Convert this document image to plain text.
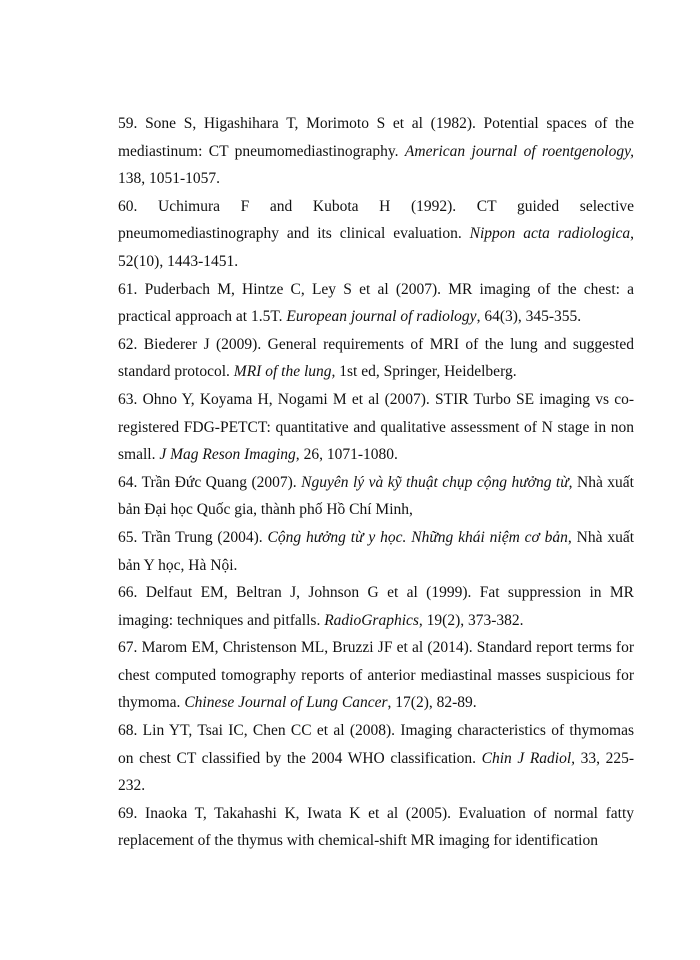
59. Sone S, Higashihara T, Morimoto S et al (1982). Potential spaces of the mediastinum: CT pneumomediastinography. American journal of roentgenology, 138, 1051-1057.

60. Uchimura F and Kubota H (1992). CT guided selective pneumomediastinography and its clinical evaluation. Nippon acta radiologica, 52(10), 1443-1451.

61. Puderbach M, Hintze C, Ley S et al (2007). MR imaging of the chest: a practical approach at 1.5T. European journal of radiology, 64(3), 345-355.

62. Biederer J (2009). General requirements of MRI of the lung and suggested standard protocol. MRI of the lung, 1st ed, Springer, Heidelberg.

63. Ohno Y, Koyama H, Nogami M et al (2007). STIR Turbo SE imaging vs co-registered FDG-PETCT: quantitative and qualitative assessment of N stage in non small. J Mag Reson Imaging, 26, 1071-1080.

64. Trần Đức Quang (2007). Nguyên lý và kỹ thuật chụp cộng hưởng từ, Nhà xuất bản Đại học Quốc gia, thành phố Hồ Chí Minh,

65. Trần Trung (2004). Cộng hưởng từ y học. Những khái niệm cơ bản, Nhà xuất bản Y học, Hà Nội.

66. Delfaut EM, Beltran J, Johnson G et al (1999). Fat suppression in MR imaging: techniques and pitfalls. RadioGraphics, 19(2), 373-382.

67. Marom EM, Christenson ML, Bruzzi JF et al (2014). Standard report terms for chest computed tomography reports of anterior mediastinal masses suspicious for thymoma. Chinese Journal of Lung Cancer, 17(2), 82-89.

68. Lin YT, Tsai IC, Chen CC et al (2008). Imaging characteristics of thymomas on chest CT classified by the 2004 WHO classification. Chin J Radiol, 33, 225-232.

69. Inaoka T, Takahashi K, Iwata K et al (2005). Evaluation of normal fatty replacement of the thymus with chemical-shift MR imaging for identification
